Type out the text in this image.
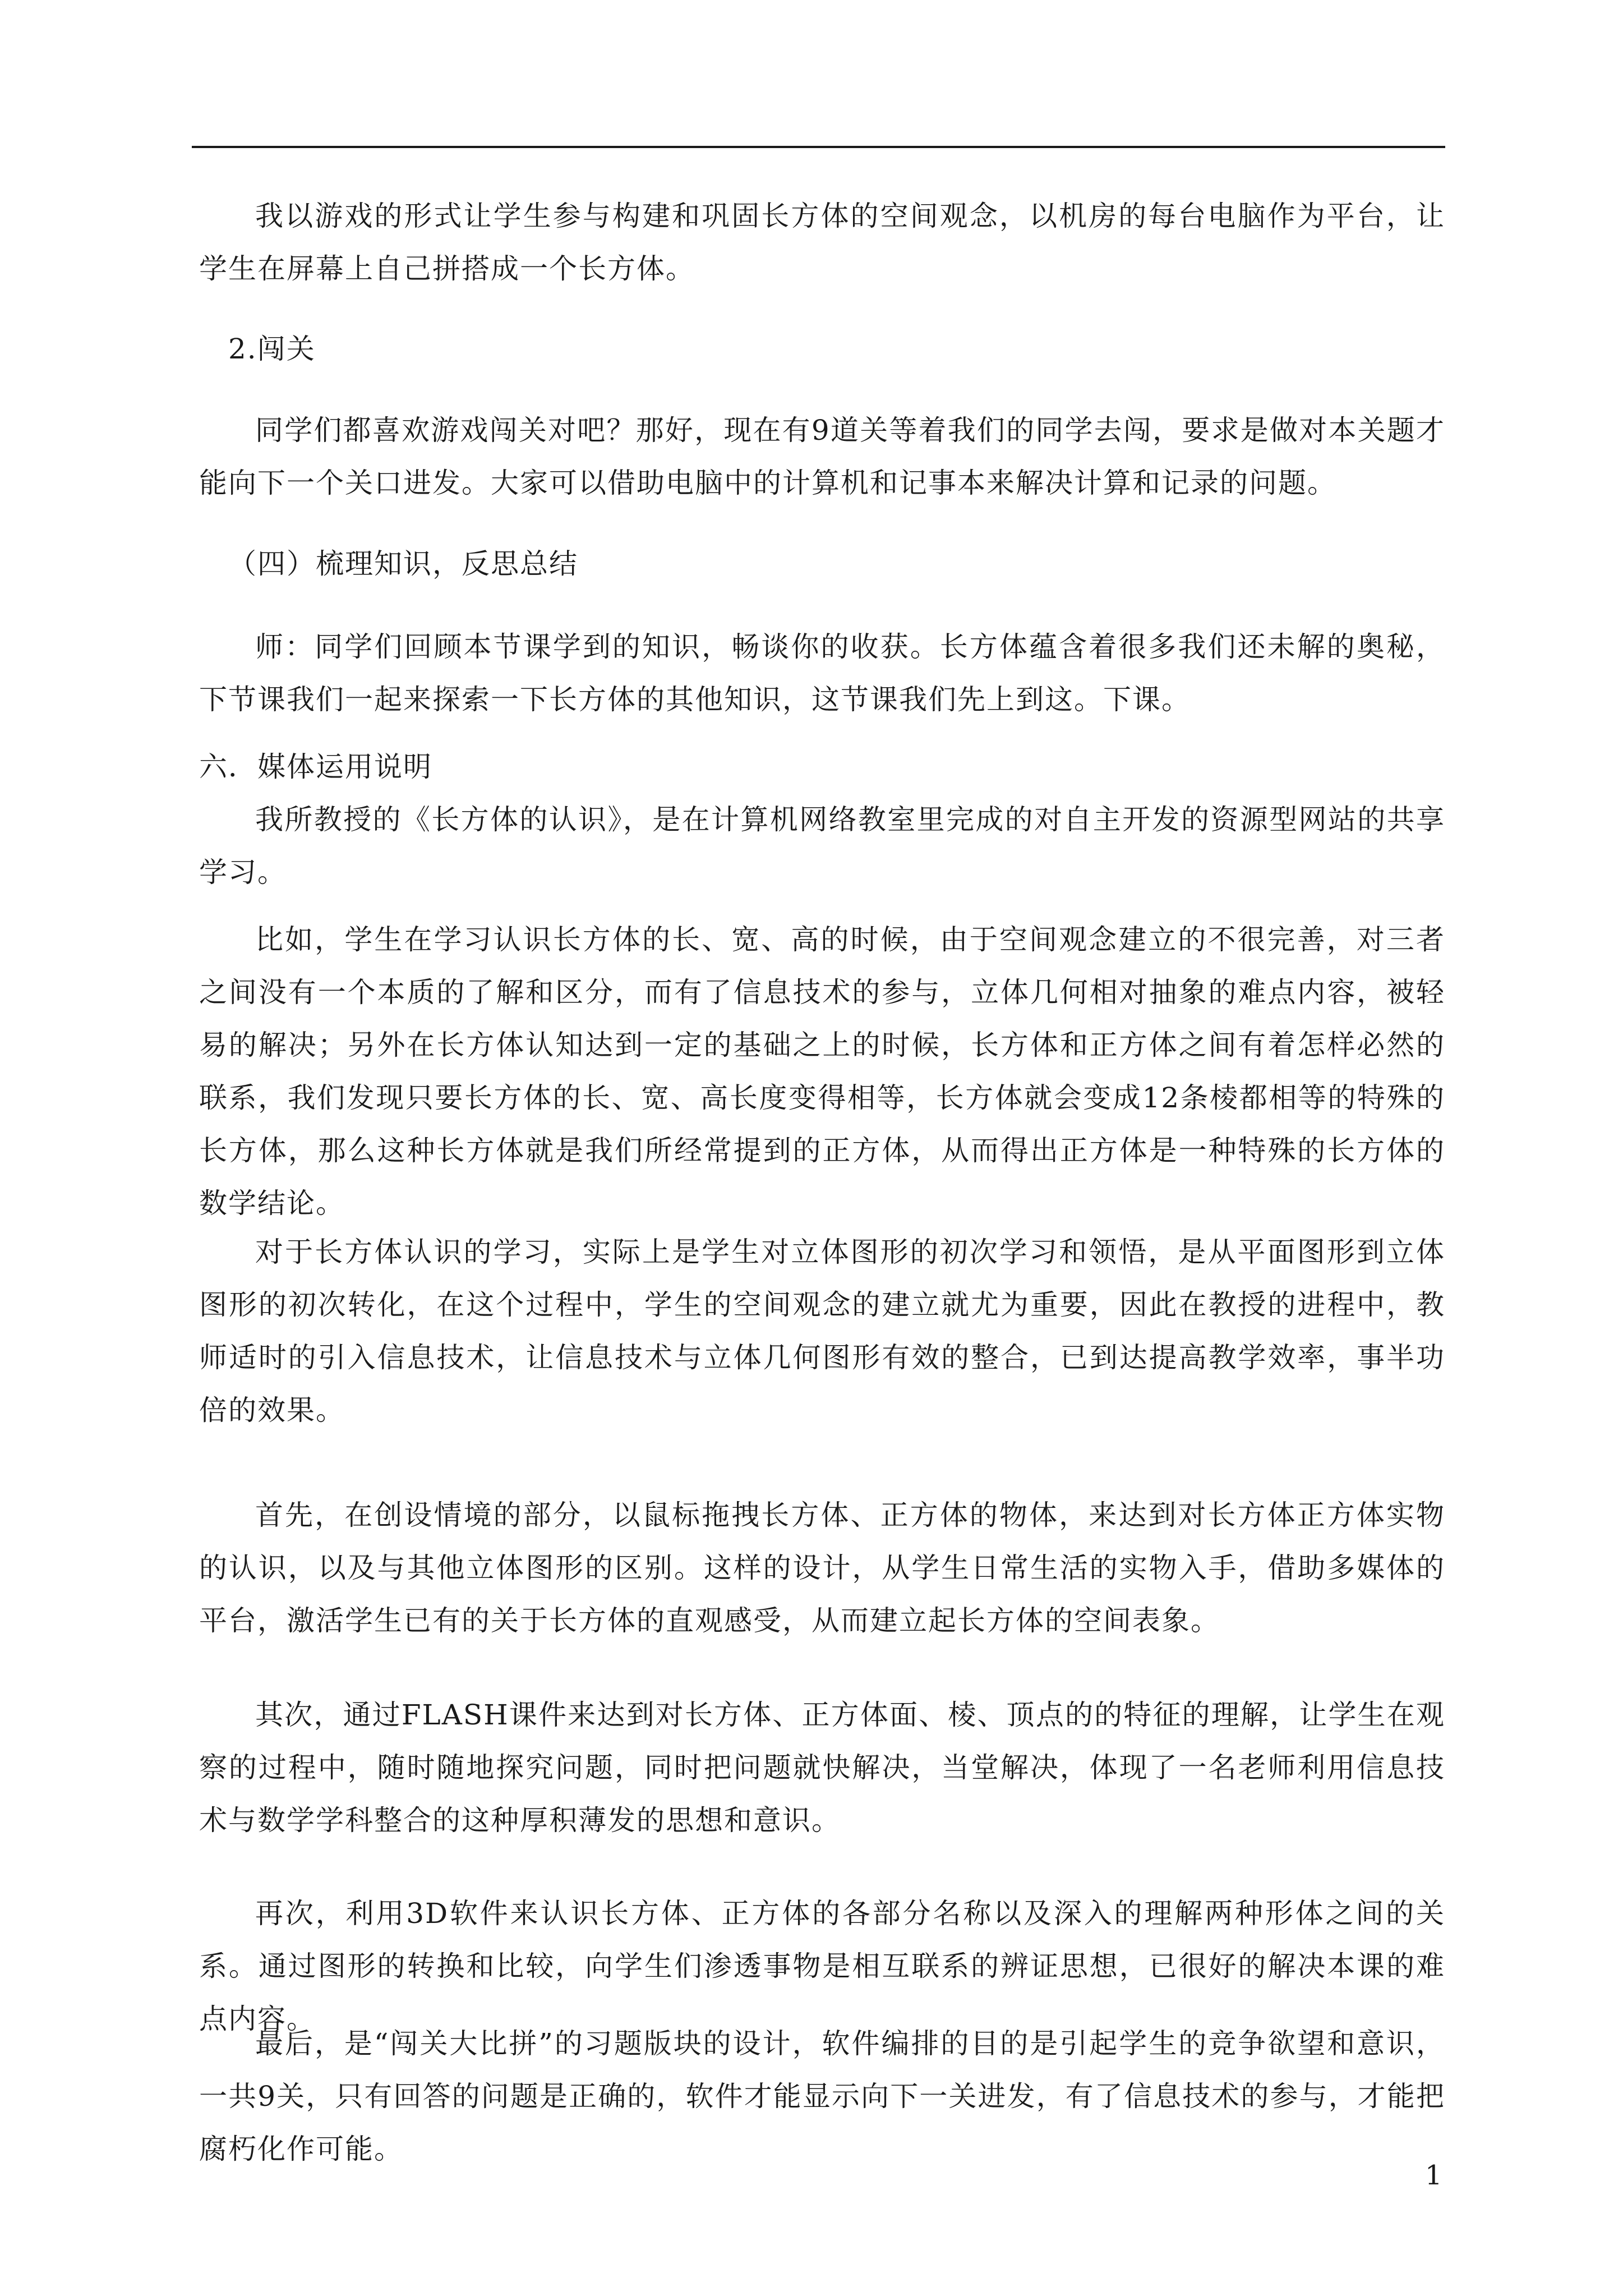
我以游戏的形式让学生参与构建和巩固长方体的空间观念，以机房的每台电脑作为平台，让学生在屏幕上自己拼搭成一个长方体。

2.闯关

同学们都喜欢游戏闯关对吧？那好，现在有9道关等着我们的同学去闯，要求是做对本关题才能向下一个关口进发。大家可以借助电脑中的计算机和记事本来解决计算和记录的问题。

（四）梳理知识，反思总结

师：同学们回顾本节课学到的知识，畅谈你的收获。长方体蕴含着很多我们还未解的奥秘，下节课我们一起来探索一下长方体的其他知识，这节课我们先上到这。下课。

六．媒体运用说明

我所教授的《长方体的认识》，是在计算机网络教室里完成的对自主开发的资源型网站的共享学习。

比如，学生在学习认识长方体的长、宽、高的时候，由于空间观念建立的不很完善，对三者之间没有一个本质的了解和区分，而有了信息技术的参与，立体几何相对抽象的难点内容，被轻易的解决；另外在长方体认知达到一定的基础之上的时候，长方体和正方体之间有着怎样必然的联系，我们发现只要长方体的长、宽、高长度变得相等，长方体就会变成12条棱都相等的特殊的长方体，那么这种长方体就是我们所经常提到的正方体，从而得出正方体是一种特殊的长方体的数学结论。

对于长方体认识的学习，实际上是学生对立体图形的初次学习和领悟，是从平面图形到立体图形的初次转化，在这个过程中，学生的空间观念的建立就尤为重要，因此在教授的进程中，教师适时的引入信息技术，让信息技术与立体几何图形有效的整合，已到达提高教学效率，事半功倍的效果。

首先，在创设情境的部分，以鼠标拖拽长方体、正方体的物体，来达到对长方体正方体实物的认识，以及与其他立体图形的区别。这样的设计，从学生日常生活的实物入手，借助多媒体的平台，激活学生已有的关于长方体的直观感受，从而建立起长方体的空间表象。

其次，通过FLASH课件来达到对长方体、正方体面、棱、顶点的的特征的理解，让学生在观察的过程中，随时随地探究问题，同时把问题就快解决，当堂解决，体现了一名老师利用信息技术与数学学科整合的这种厚积薄发的思想和意识。

再次，利用3D软件来认识长方体、正方体的各部分名称以及深入的理解两种形体之间的关系。通过图形的转换和比较，向学生们渗透事物是相互联系的辨证思想，已很好的解决本课的难点内容。

最后，是“闯关大比拼”的习题版块的设计，软件编排的目的是引起学生的竞争欲望和意识，一共9关，只有回答的问题是正确的，软件才能显示向下一关进发，有了信息技术的参与，才能把腐朽化作可能。

1
